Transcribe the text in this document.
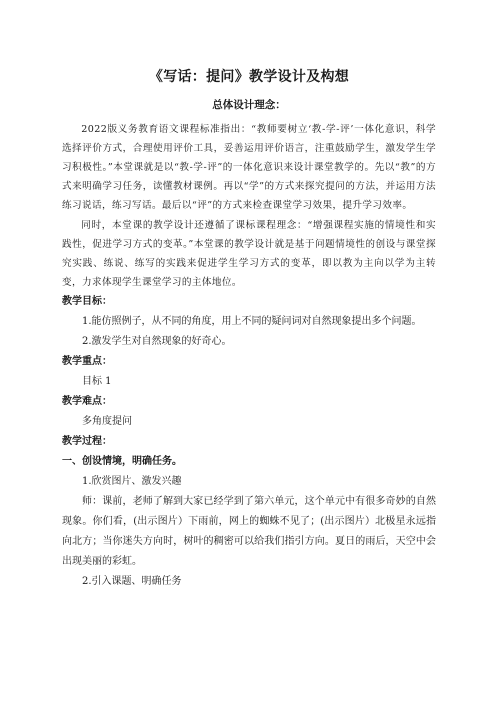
《写话：提问》教学设计及构想

总体设计理念：

2022版义务教育语文课程标准指出：“教师要树立‘教-学-评’一体化意识，科学选择评价方式，合理使用评价工具，妥善运用评价语言，注重鼓励学生，激发学生学习积极性。”本堂课就是以“教-学-评”的一体化意识来设计课堂教学的。先以“教”的方式来明确学习任务，读懂教材课例。再以“学”的方式来探究提问的方法，并运用方法练习说话，练习写话。最后以“评”的方式来检查课堂学习效果，提升学习效率。

同时，本堂课的教学设计还遵循了课标课程理念：“增强课程实施的情境性和实践性，促进学习方式的变革。”本堂课的教学设计就是基于问题情境性的创设与课堂探究实践、练说、练写的实践来促进学生学习方式的变革，即以教为主向以学为主转变，力求体现学生课堂学习的主体地位。

教学目标：

1.能仿照例子，从不同的角度，用上不同的疑问词对自然现象提出多个问题。

2.激发学生对自然现象的好奇心。

教学重点：

目标 1

教学难点：

多角度提问

教学过程：

一、创设情境，明确任务。

1.欣赏图片、激发兴趣

师：课前，老师了解到大家已经学到了第六单元，这个单元中有很多奇妙的自然现象。你们看，(出示图片）下雨前，网上的蜘蛛不见了；(出示图片）北极星永远指向北方；当你迷失方向时，树叶的稠密可以给我们指引方向。夏日的雨后，天空中会出现美丽的彩虹。

2.引入课题、明确任务
